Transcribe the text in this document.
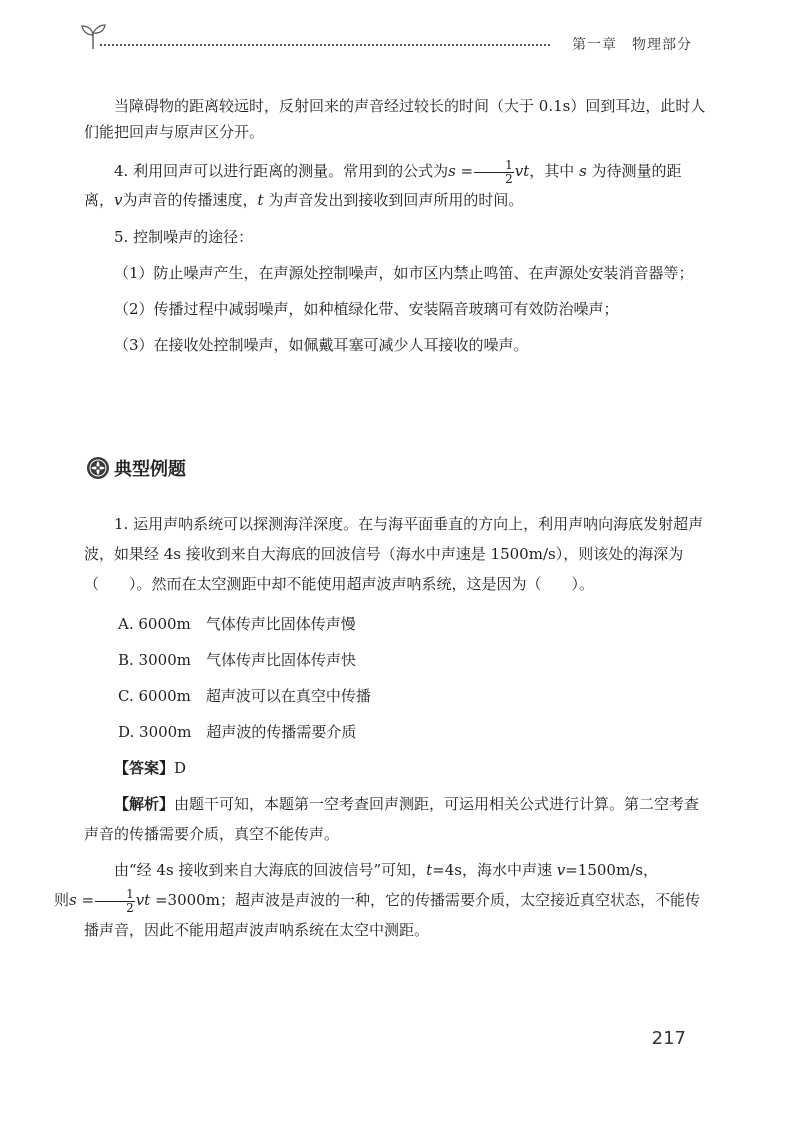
第一章　物理部分

当障碍物的距离较远时，反射回来的声音经过较长的时间（大于 0.1s）回到耳边，此时人们能把回声与原声区分开。

4. 利用回声可以进行距离的测量。常用到的公式为$s = \frac{1}{2}$ vt，其中 s 为待测量的距离，v为声音的传播速度，t 为声音发出到接收到回声所用的时间。

5. 控制噪声的途径：

（1）防止噪声产生，在声源处控制噪声，如市区内禁止鸣笛、在声源处安装消音器等；

（2）传播过程中减弱噪声，如种植绿化带、安装隔音玻璃可有效防治噪声；

（3）在接收处控制噪声，如佩戴耳塞可减少人耳接收的噪声。

典型例题

1. 运用声呐系统可以探测海洋深度。在与海平面垂直的方向上，利用声呐向海底发射超声波，如果经 4s 接收到来自大海底的回波信号（海水中声速是 1500m/s），则该处的海深为（　　）。然而在太空测距中却不能使用超声波声呐系统，这是因为（　　）。

A. 6000m　气体传声比固体传声慢

B. 3000m　气体传声比固体传声快

C. 6000m　超声波可以在真空中传播

D. 3000m　超声波的传播需要介质

【答案】D

【解析】由题干可知，本题第一空考查回声测距，可运用相关公式进行计算。第二空考查声音的传播需要介质，真空不能传声。

由“经 4s 接收到来自大海底的回波信号”可知，t=4s，海水中声速 v=1500m/s，
则$s = \frac{1}{2}$ vt =3000m；超声波是声波的一种，它的传播需要介质，太空接近真空状态，不能传播声音，因此不能用超声波声呐系统在太空中测距。

217
